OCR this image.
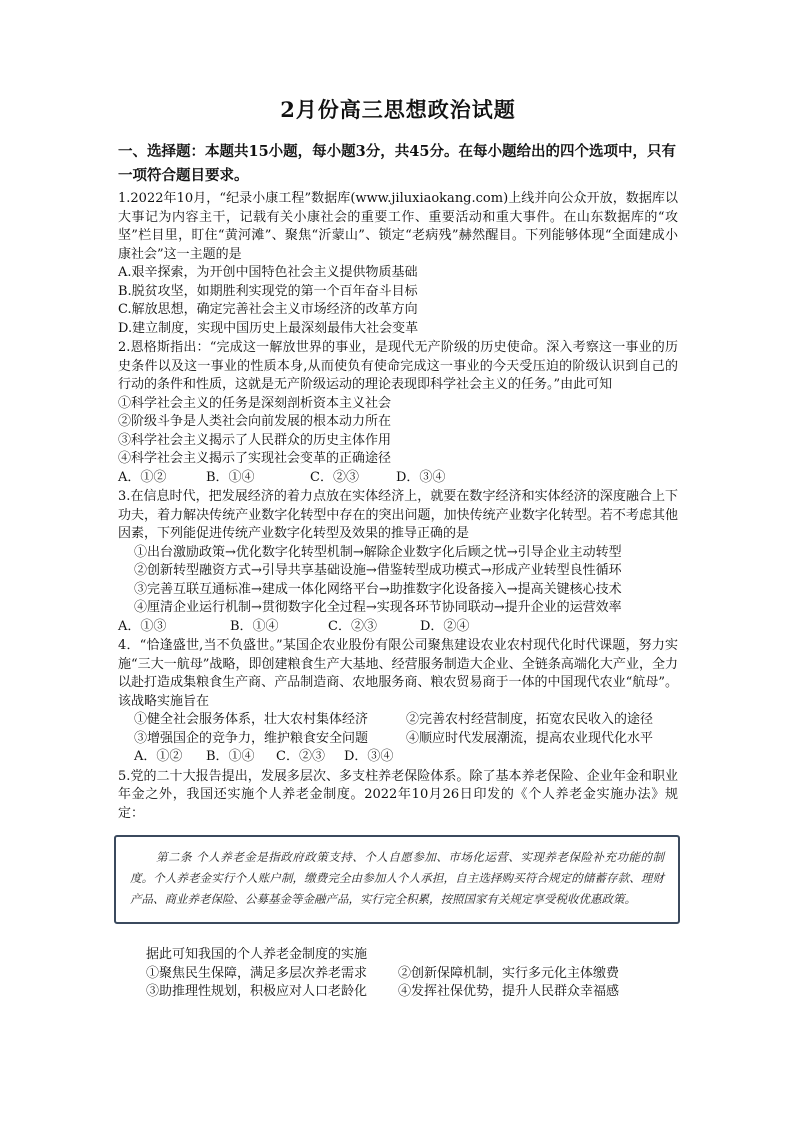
2月份高三思想政治试题
一、选择题：本题共15小题，每小题3分，共45分。在每小题给出的四个选项中，只有一项符合题目要求。

1.2022年10月，“纪录小康工程”数据库(www.jiluxiaokang.com)上线并向公众开放，数据库以大事记为内容主干，记载有关小康社会的重要工作、重要活动和重大事件。在山东数据库的“攻坚”栏目里，盯住“黄河滩”、聚焦“沂蒙山”、锁定“老病残”赫然醒目。下列能够体现“全面建成小康社会”这一主题的是

A.艰辛探索，为开创中国特色社会主义提供物质基础

B.脱贫攻坚，如期胜利实现党的第一个百年奋斗目标

C.解放思想，确定完善社会主义市场经济的改革方向

D.建立制度，实现中国历史上最深刻最伟大社会变革

2.恩格斯指出：“完成这一解放世界的事业，是现代无产阶级的历史使命。深入考察这一事业的历史条件以及这一事业的性质本身,从而使负有使命完成这一事业的今天受压迫的阶级认识到自己的行动的条件和性质，这就是无产阶级运动的理论表现即科学社会主义的任务。”由此可知

①科学社会主义的任务是深刻剖析资本主义社会

②阶级斗争是人类社会向前发展的根本动力所在

③科学社会主义揭示了人民群众的历史主体作用

④科学社会主义揭示了实现社会变革的正确途径

A．①②	B．①④	C．②③	D．③④

3.在信息时代，把发展经济的着力点放在实体经济上，就要在数字经济和实体经济的深度融合上下功夫，着力解决传统产业数字化转型中存在的突出问题，加快传统产业数字化转型。若不考虑其他因素，下列能促进传统产业数字化转型及效果的推导正确的是

①出台激励政策→优化数字化转型机制→解除企业数字化后顾之忧→引导企业主动转型

②创新转型融资方式→引导共享基础设施→借鉴转型成功模式→形成产业转型良性循环

③完善互联互通标准→建成一体化网络平台→助推数字化设备接入→提高关键核心技术

④厘清企业运行机制→贯彻数字化全过程→实现各环节协同联动→提升企业的运营效率

A．①③	B．①④	C．②③	D．②④

4．“恰逢盛世,当不负盛世。”某国企农业股份有限公司聚焦建设农业农村现代化时代课题，努力实施“三大一航母”战略，即创建粮食生产大基地、经营服务制造大企业、全链条高端化大产业，全力以赴打造成集粮食生产商、产品制造商、农地服务商、粮农贸易商于一体的中国现代农业“航母”。该战略实施旨在

①健全社会服务体系，壮大农村集体经济	②完善农村经营制度，拓宽农民收入的途径
③增强国企的竞争力，维护粮食安全问题	④顺应时代发展潮流，提高农业现代化水平
A．①②	B．①④	C．②③	D．③④

5.党的二十大报告提出，发展多层次、多支柱养老保险体系。除了基本养老保险、企业年金和职业年金之外，我国还实施个人养老金制度。2022年10月26日印发的《个人养老金实施办法》规定：

第二条 个人养老金是指政府政策支持、个人自愿参加、市场化运营、实现养老保险补充功能的制度。个人养老金实行个人账户制，缴费完全由参加人个人承担，自主选择购买符合规定的储蓄存款、理财产品、商业养老保险、公募基金等金融产品，实行完全积累，按照国家有关规定享受税收优惠政策。

据此可知我国的个人养老金制度的实施

①聚焦民生保障，满足多层次养老需求	②创新保障机制，实行多元化主体缴费
③助推理性规划，积极应对人口老龄化	④发挥社保优势，提升人民群众幸福感
